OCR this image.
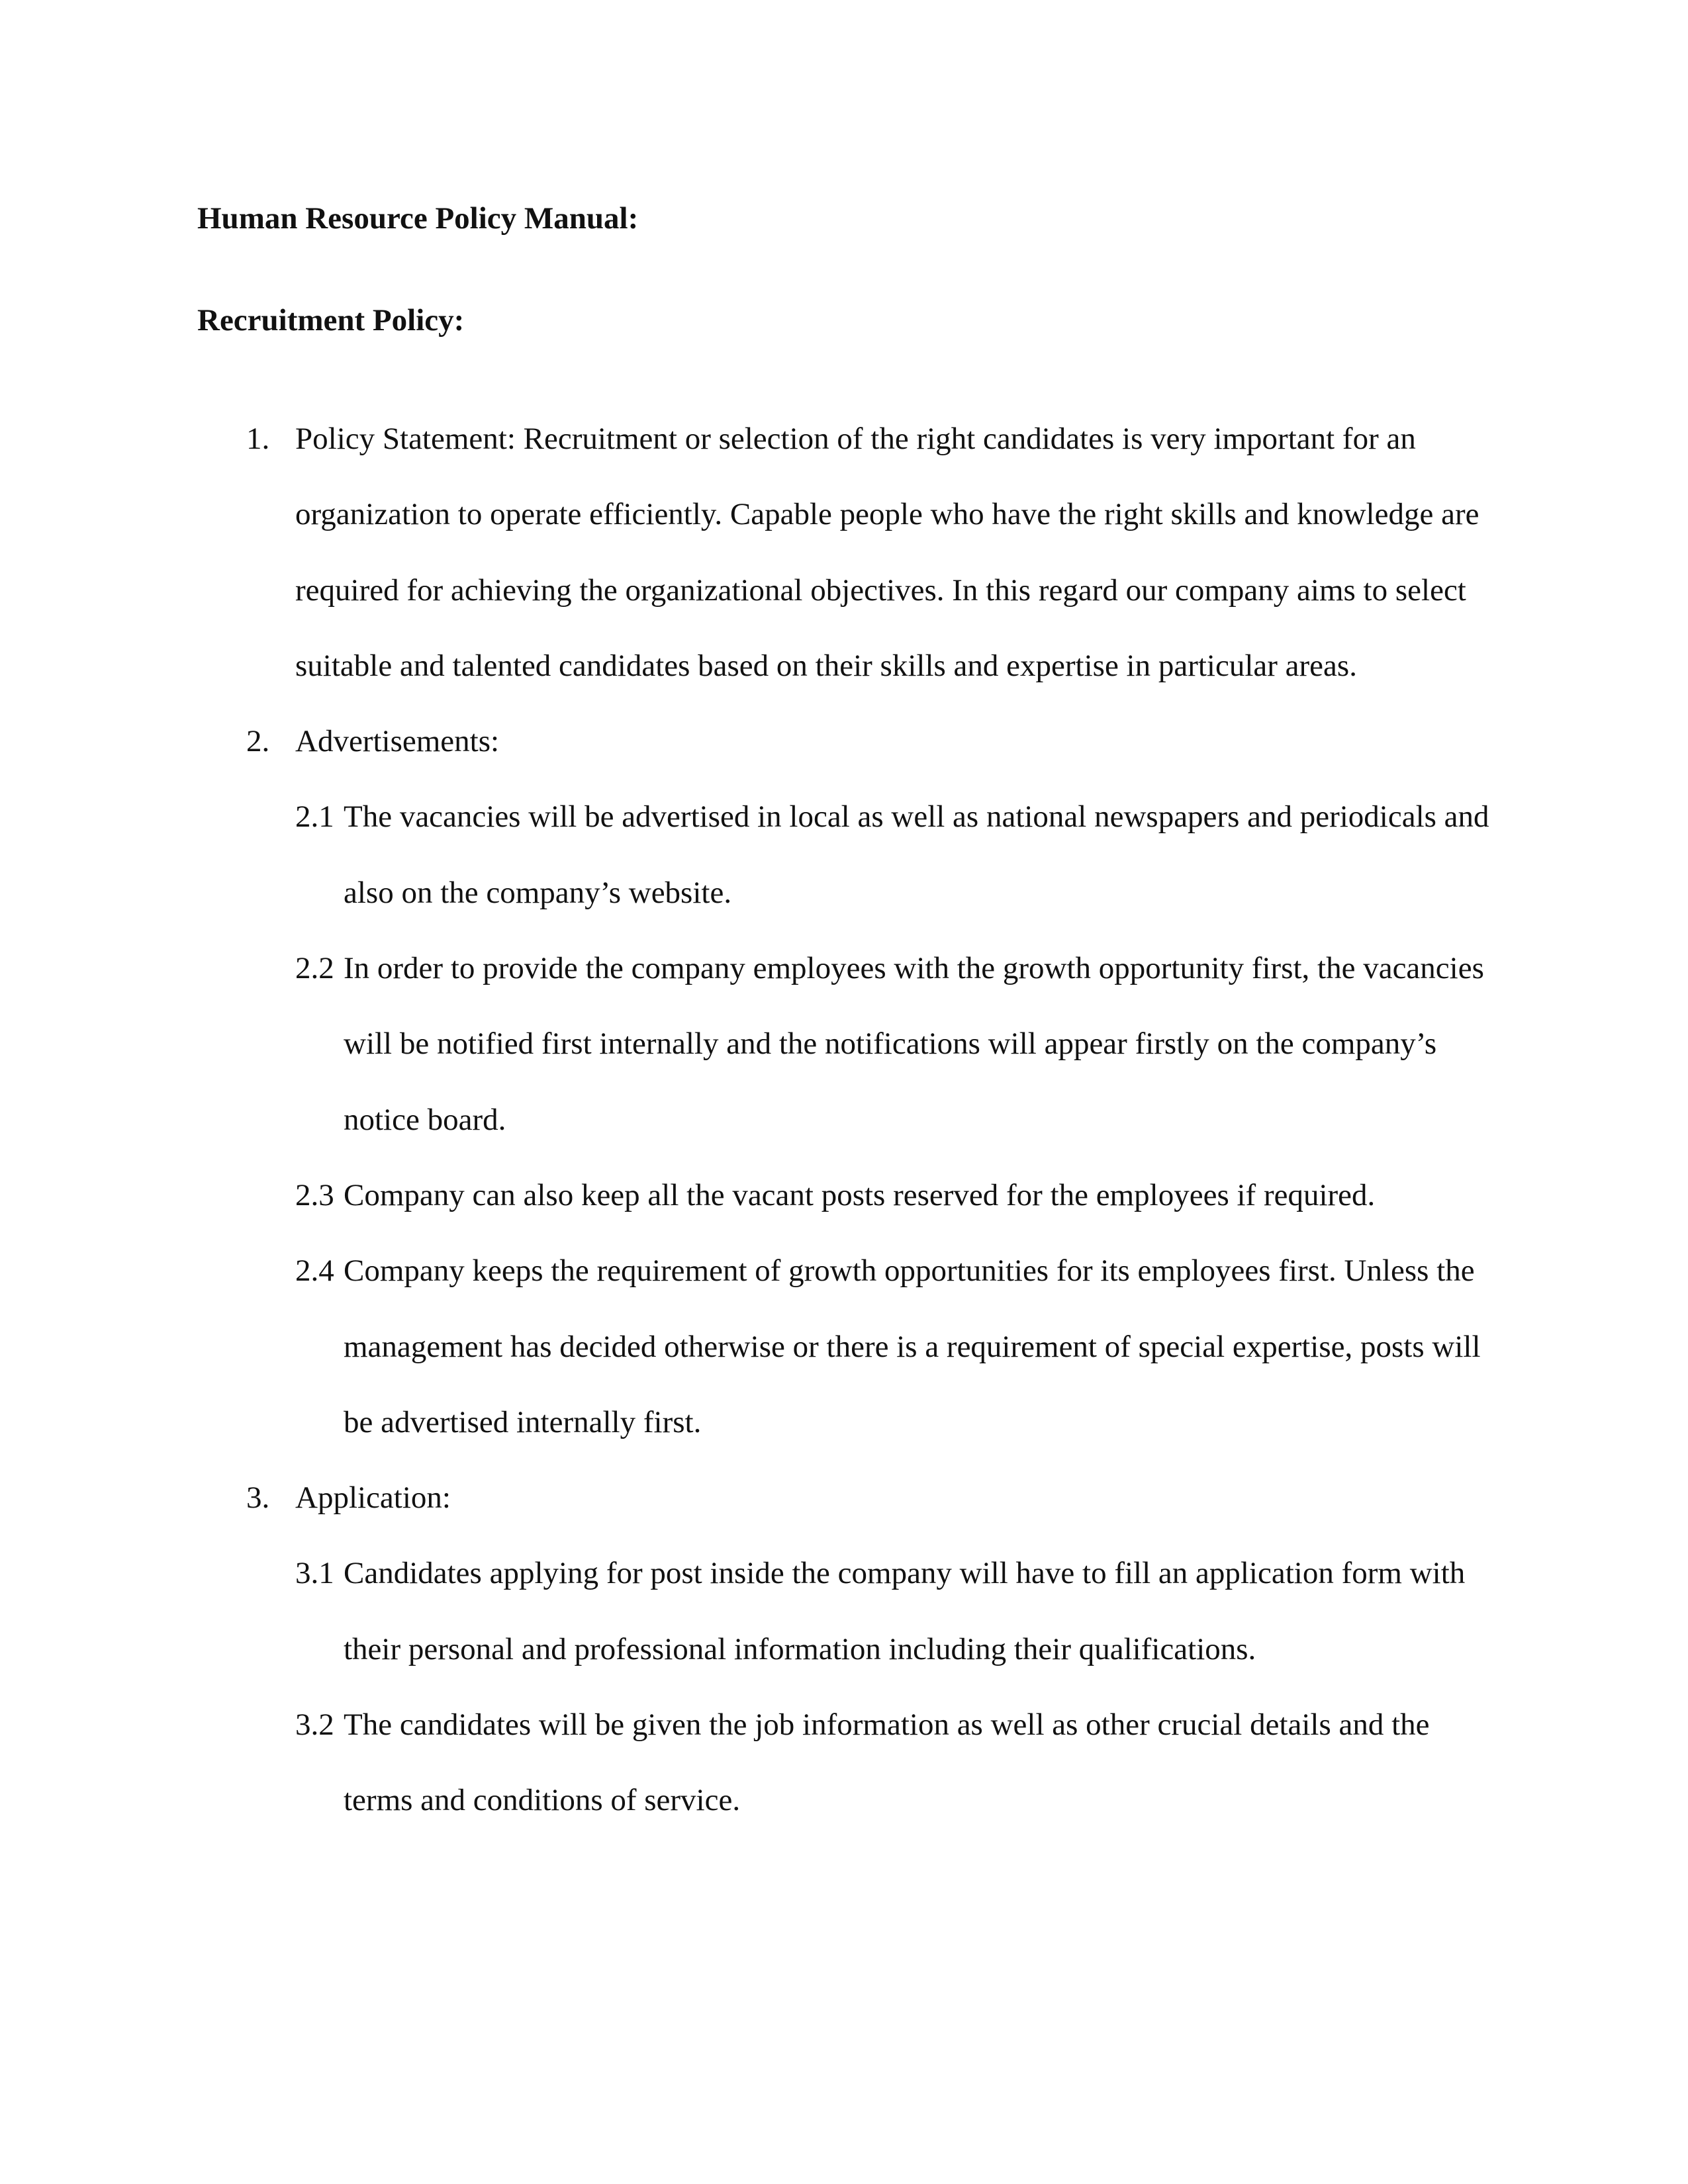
Human Resource Policy Manual:
Recruitment Policy:
1. Policy Statement: Recruitment or selection of the right candidates is very important for an organization to operate efficiently. Capable people who have the right skills and knowledge are required for achieving the organizational objectives. In this regard our company aims to select suitable and talented candidates based on their skills and expertise in particular areas.
2. Advertisements:
2.1 The vacancies will be advertised in local as well as national newspapers and periodicals and also on the company’s website.
2.2 In order to provide the company employees with the growth opportunity first, the vacancies will be notified first internally and the notifications will appear firstly on the company’s notice board.
2.3 Company can also keep all the vacant posts reserved for the employees if required.
2.4 Company keeps the requirement of growth opportunities for its employees first. Unless the management has decided otherwise or there is a requirement of special expertise, posts will be advertised internally first.
3. Application:
3.1 Candidates applying for post inside the company will have to fill an application form with their personal and professional information including their qualifications.
3.2 The candidates will be given the job information as well as other crucial details and the terms and conditions of service.
